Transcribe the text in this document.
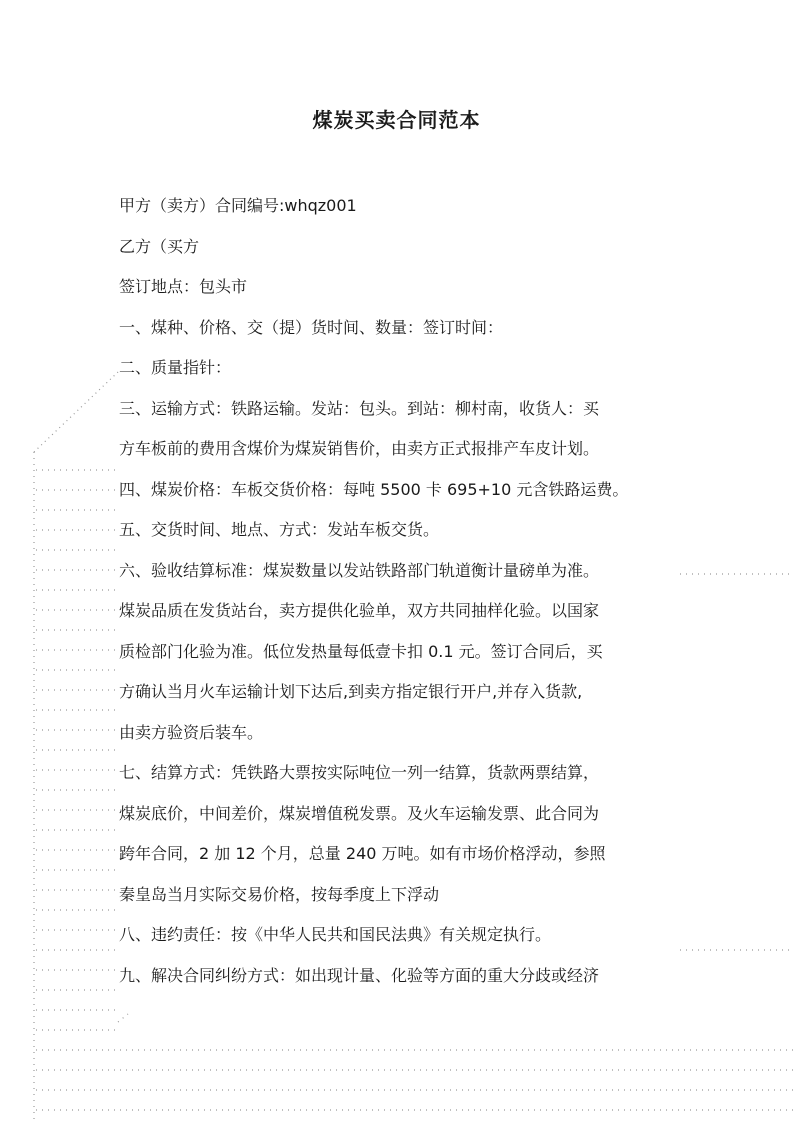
煤炭买卖合同范本
甲方（卖方）合同编号:whqz001
乙方（买方
签订地点：包头市
一、煤种、价格、交（提）货时间、数量：签订时间：
二、质量指针：
三、运输方式：铁路运输。发站：包头。到站：柳村南，收货人：买
方车板前的费用含煤价为煤炭销售价，由卖方正式报排产车皮计划。
四、煤炭价格：车板交货价格：每吨 5500 卡 695+10 元含铁路运费。
五、交货时间、地点、方式：发站车板交货。
六、验收结算标准：煤炭数量以发站铁路部门轨道衡计量磅单为准。
煤炭品质在发货站台，卖方提供化验单，双方共同抽样化验。以国家
质检部门化验为准。低位发热量每低壹卡扣 0.1 元。签订合同后，买
方确认当月火车运输计划下达后,到卖方指定银行开户,并存入货款,
由卖方验资后装车。
七、结算方式：凭铁路大票按实际吨位一列一结算，货款两票结算，
煤炭底价，中间差价，煤炭增值税发票。及火车运输发票、此合同为
跨年合同，2 加 12 个月，总量 240 万吨。如有市场价格浮动，参照
秦皇岛当月实际交易价格，按每季度上下浮动
八、违约责任：按《中华人民共和国民法典》有关规定执行。
九、解决合同纠纷方式：如出现计量、化验等方面的重大分歧或经济
